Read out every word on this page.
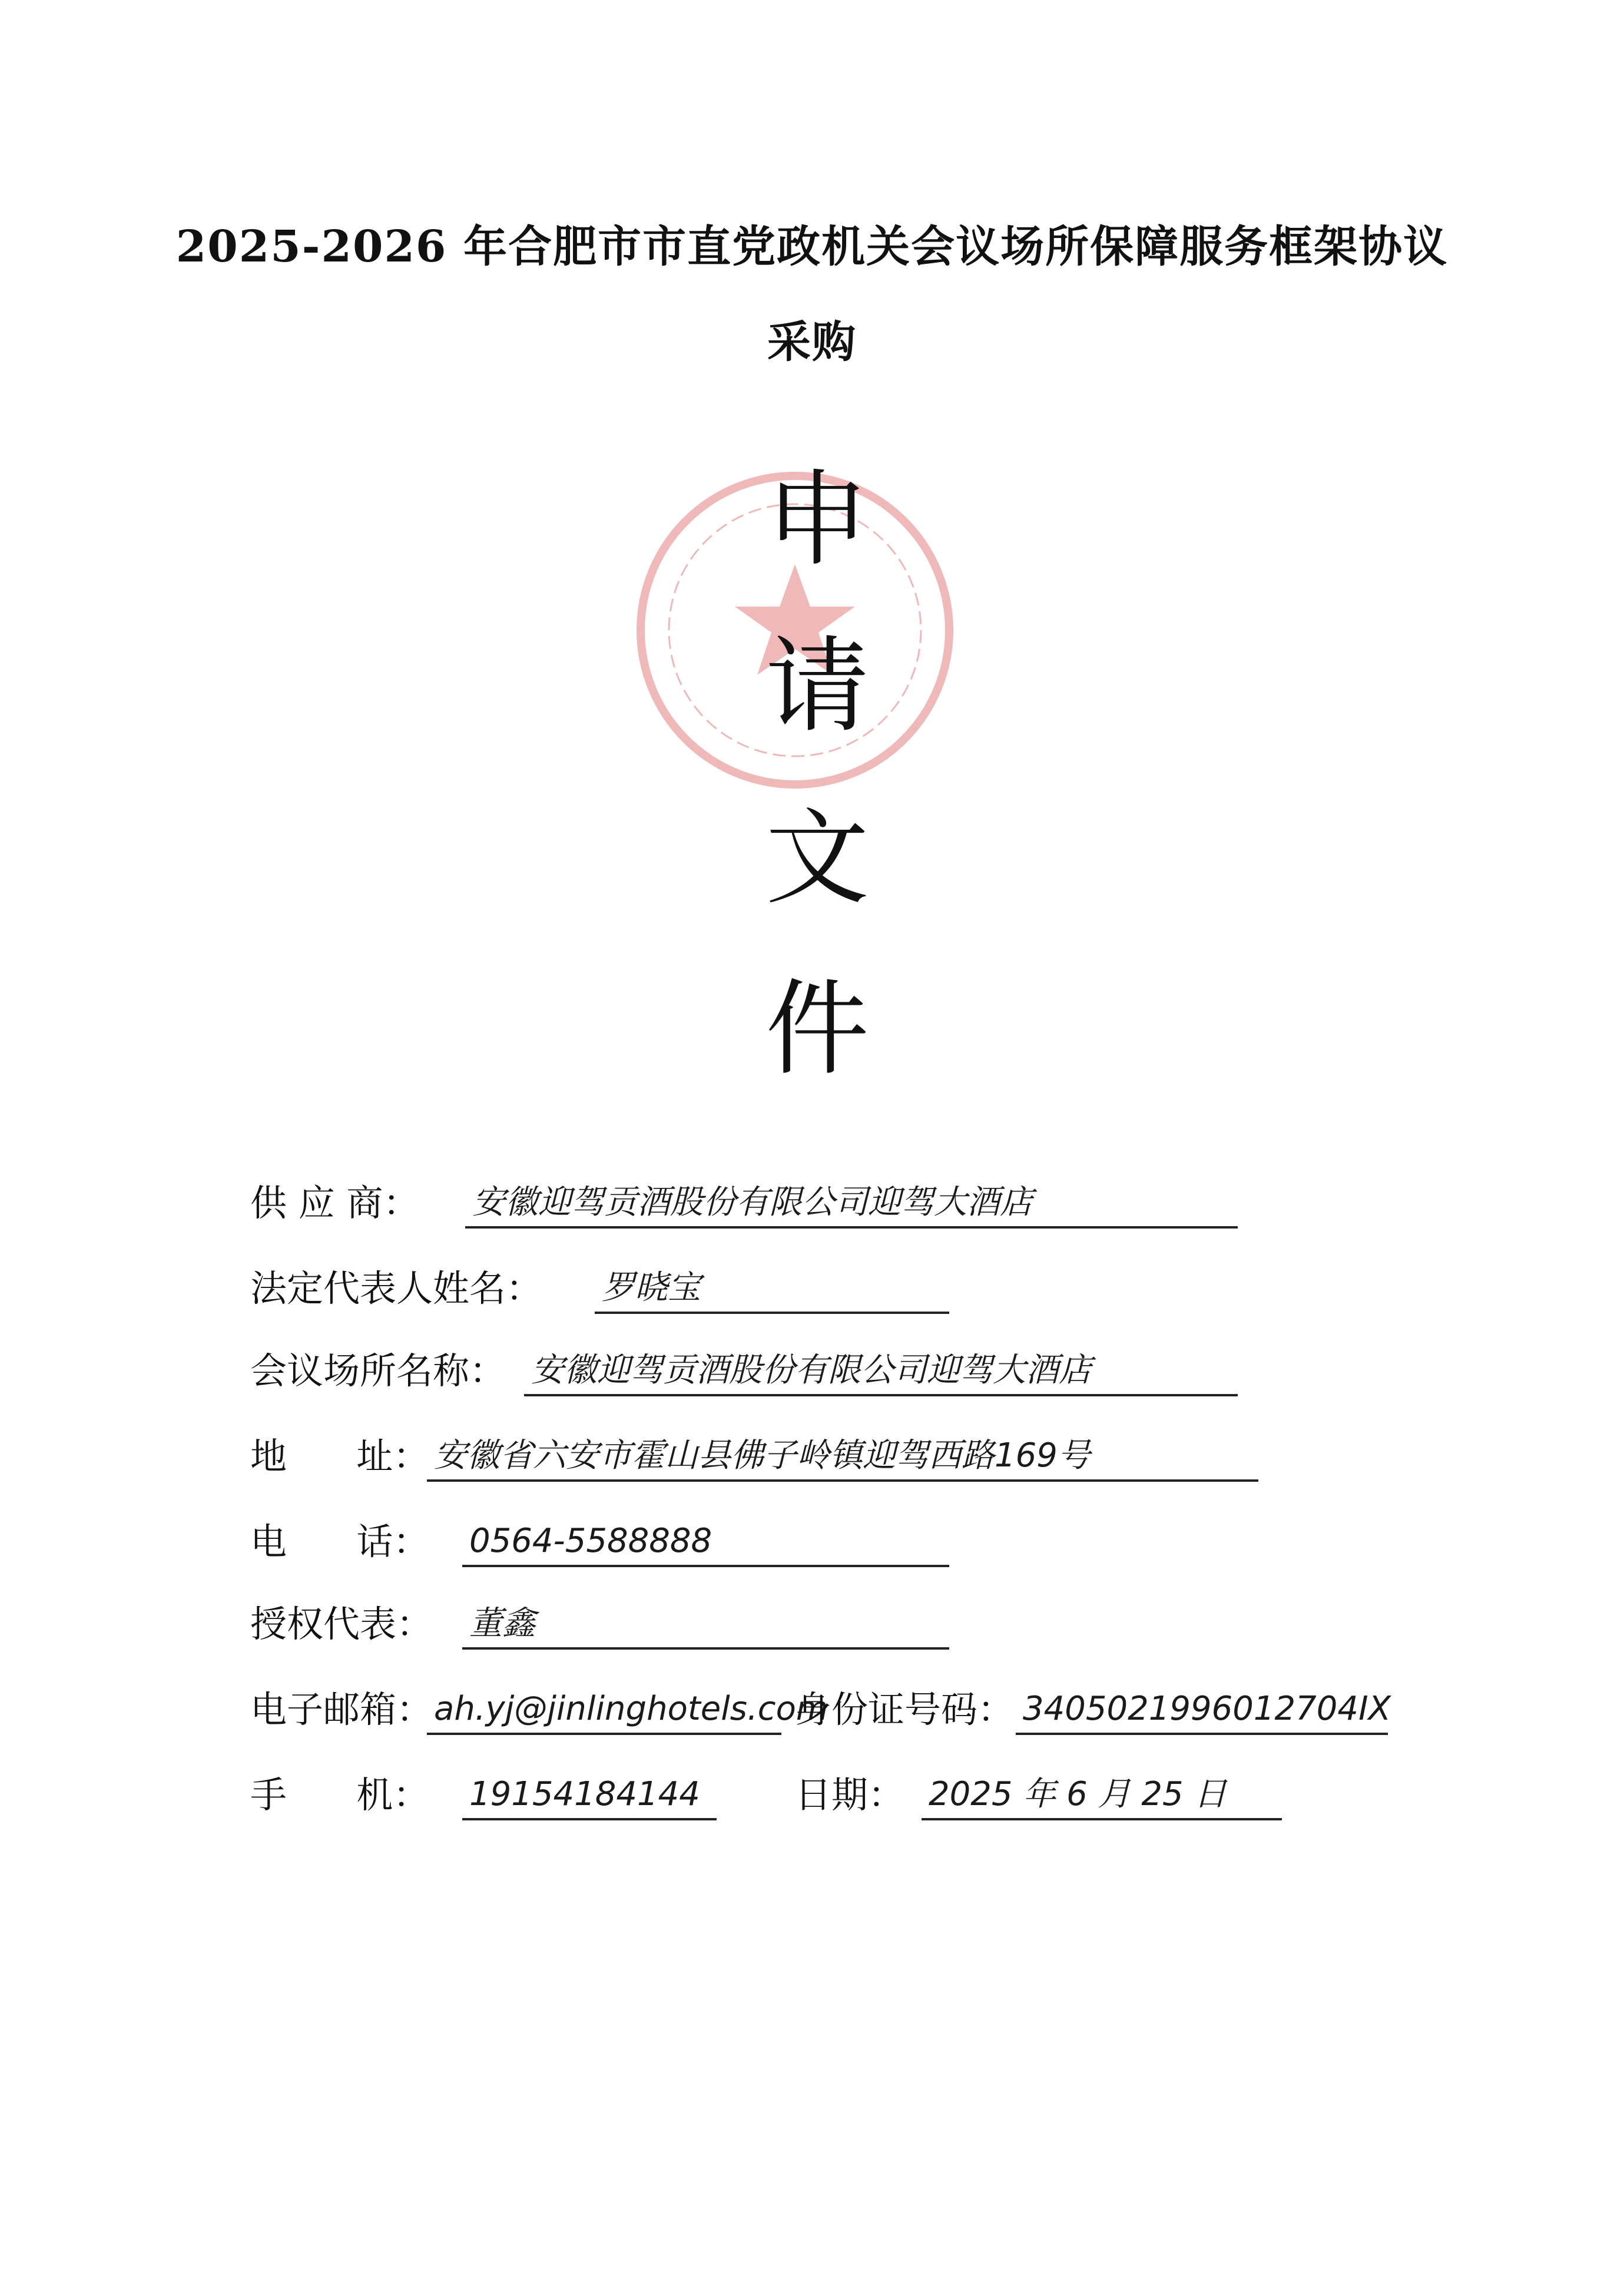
2025-2026 年合肥市市直党政机关会议场所保障服务框架协议
采购
申
请
文
件
供 应 商： 安徽迎驾贡酒股份有限公司迎驾大酒店
法定代表人姓名： 罗晓宝
会议场所名称： 安徽迎驾贡酒股份有限公司迎驾大酒店
地      址： 安徽省六安市霍山县佛子岭镇迎驾西路169号
电      话： 0564-5588888
授权代表： 董鑫
电子邮箱： ah.yj@jinlinghotels.com
身份证号码： 3405021996012704IX
手      机： 19154184144	日期： 2025 年 6 月 25 日
